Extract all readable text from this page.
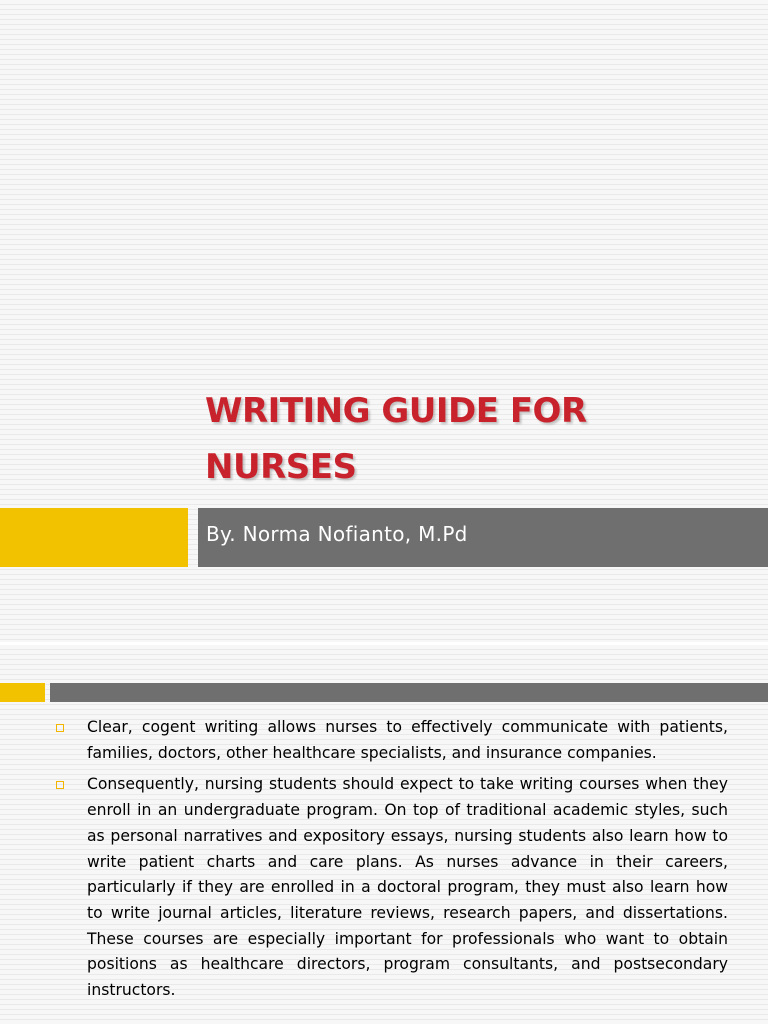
WRITING GUIDE FOR
NURSES
By. Norma Nofianto, M.Pd
Clear, cogent writing allows nurses to effectively communicate with patients, families, doctors, other healthcare specialists, and insurance companies.
Consequently, nursing students should expect to take writing courses when they enroll in an undergraduate program. On top of traditional academic styles, such as personal narratives and expository essays, nursing students also learn how to write patient charts and care plans. As nurses advance in their careers, particularly if they are enrolled in a doctoral program, they must also learn how to write journal articles, literature reviews, research papers, and dissertations. These courses are especially important for professionals who want to obtain positions as healthcare directors, program consultants, and postsecondary instructors.
